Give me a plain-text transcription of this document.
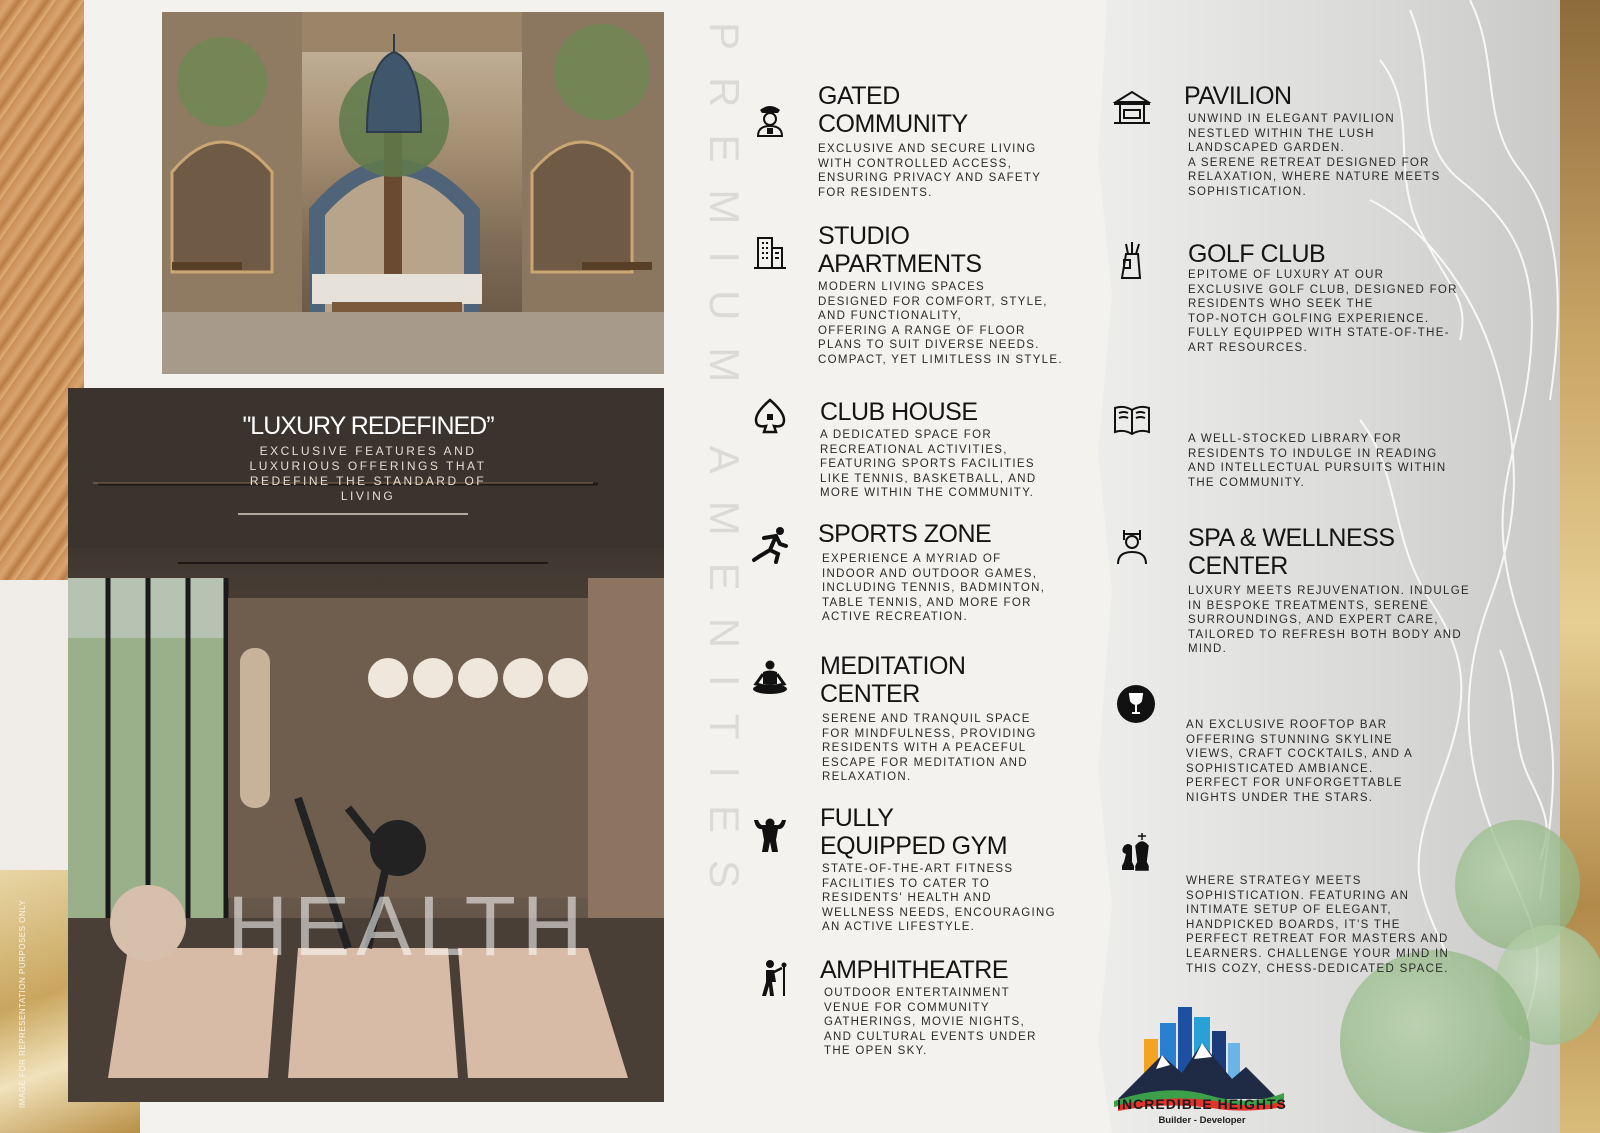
"LUXURY REDEFINED”
EXCLUSIVE FEATURES AND LUXURIOUS OFFERINGS THAT REDEFINE THE STANDARD OF LIVING
HEALTH
PREMIUM AMENITIES
IMAGE FOR REPRESENTATION PURPOSES ONLY
GATED
COMMUNITY
EXCLUSIVE AND SECURE LIVING
WITH CONTROLLED ACCESS,
ENSURING PRIVACY AND SAFETY
FOR RESIDENTS.
STUDIO
APARTMENTS
MODERN LIVING SPACES
DESIGNED FOR COMFORT, STYLE,
AND FUNCTIONALITY,
OFFERING A RANGE OF FLOOR
PLANS TO SUIT DIVERSE NEEDS.
COMPACT, YET LIMITLESS IN STYLE.
CLUB HOUSE
A DEDICATED SPACE FOR
RECREATIONAL ACTIVITIES,
FEATURING SPORTS FACILITIES
LIKE TENNIS, BASKETBALL, AND
MORE WITHIN THE COMMUNITY.
SPORTS ZONE
EXPERIENCE A MYRIAD OF
INDOOR AND OUTDOOR GAMES,
INCLUDING TENNIS, BADMINTON,
TABLE TENNIS, AND MORE FOR
ACTIVE RECREATION.
MEDITATION
CENTER
SERENE AND TRANQUIL SPACE
FOR MINDFULNESS, PROVIDING
RESIDENTS WITH A PEACEFUL
ESCAPE FOR MEDITATION AND
RELAXATION.
FULLY
EQUIPPED GYM
STATE-OF-THE-ART FITNESS
FACILITIES TO CATER TO
RESIDENTS' HEALTH AND
WELLNESS NEEDS, ENCOURAGING
AN ACTIVE LIFESTYLE.
AMPHITHEATRE
OUTDOOR ENTERTAINMENT
VENUE FOR COMMUNITY
GATHERINGS, MOVIE NIGHTS,
AND CULTURAL EVENTS UNDER
THE OPEN SKY.
PAVILION
UNWIND IN ELEGANT PAVILION
NESTLED WITHIN THE LUSH
LANDSCAPED GARDEN.
A SERENE RETREAT DESIGNED FOR
RELAXATION, WHERE NATURE MEETS
SOPHISTICATION.
GOLF CLUB
EPITOME OF LUXURY AT OUR
EXCLUSIVE GOLF CLUB, DESIGNED FOR
RESIDENTS WHO SEEK THE
TOP-NOTCH GOLFING EXPERIENCE.
FULLY EQUIPPED WITH STATE-OF-THE-
ART RESOURCES.
A WELL-STOCKED LIBRARY FOR
RESIDENTS TO INDULGE IN READING
AND INTELLECTUAL PURSUITS WITHIN
THE COMMUNITY.
SPA & WELLNESS
CENTER
LUXURY MEETS REJUVENATION. INDULGE
IN BESPOKE TREATMENTS, SERENE
SURROUNDINGS, AND EXPERT CARE,
TAILORED TO REFRESH BOTH BODY AND
MIND.
AN EXCLUSIVE ROOFTOP BAR
OFFERING STUNNING SKYLINE
VIEWS, CRAFT COCKTAILS, AND A
SOPHISTICATED AMBIANCE.
PERFECT FOR UNFORGETTABLE
NIGHTS UNDER THE STARS.
WHERE STRATEGY MEETS
SOPHISTICATION. FEATURING AN
INTIMATE SETUP OF ELEGANT,
HANDPICKED BOARDS, IT'S THE
PERFECT RETREAT FOR MASTERS AND
LEARNERS. CHALLENGE YOUR MIND IN
THIS COZY, CHESS-DEDICATED SPACE.
INCREDIBLE HEIGHTS
Builder - Developer
